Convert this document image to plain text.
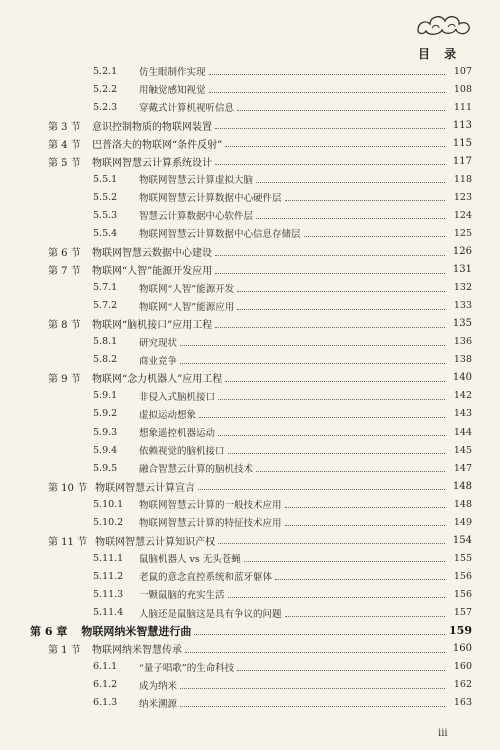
目 录
5.2.1	仿生眼制作实现	107
5.2.2	用触觉感知视觉	108
5.2.3	穿戴式计算机视听信息	111
第 3 节	意识控制物质的物联网装置	113
第 4 节	巴普洛夫的物联网“条件反射”	115
第 5 节	物联网智慧云计算系统设计	117
5.5.1	物联网智慧云计算虚拟大脑	118
5.5.2	物联网智慧云计算数据中心硬件层	123
5.5.3	智慧云计算数据中心软件层	124
5.5.4	物联网智慧云计算数据中心信息存储层	125
第 6 节	物联网智慧云数据中心建设	126
第 7 节	物联网“人智”能源开发应用	131
5.7.1	物联网“人智”能源开发	132
5.7.2	物联网“人智”能源应用	133
第 8 节	物联网“脑机接口”应用工程	135
5.8.1	研究现状	136
5.8.2	商业竞争	138
第 9 节	物联网“念力机器人”应用工程	140
5.9.1	非侵入式脑机接口	142
5.9.2	虚拟运动想象	143
5.9.3	想象遥控机器运动	144
5.9.4	依赖视觉的脑机接口	145
5.9.5	融合智慧云计算的脑机技术	147
第 10 节 物联网智慧云计算宣言	148
5.10.1	物联网智慧云计算的一般技术应用	148
5.10.2	物联网智慧云计算的特征技术应用	149
第 11 节 物联网智慧云计算知识产权	154
5.11.1	鼠脑机器人 vs 无头苍蝇	155
5.11.2	老鼠的意念直控系统和蓝牙躯体	156
5.11.3	一颗鼠脑的充实生活	156
5.11.4	人脑还是鼠脑这是具有争议的问题	157
第 6 章 物联网纳米智慧进行曲	159
第 1 节	物联网纳米智慧传承	160
6.1.1	“量子唱歌”的生命科技	160
6.1.2	成为纳米	162
6.1.3	纳米溯源	163
iii
